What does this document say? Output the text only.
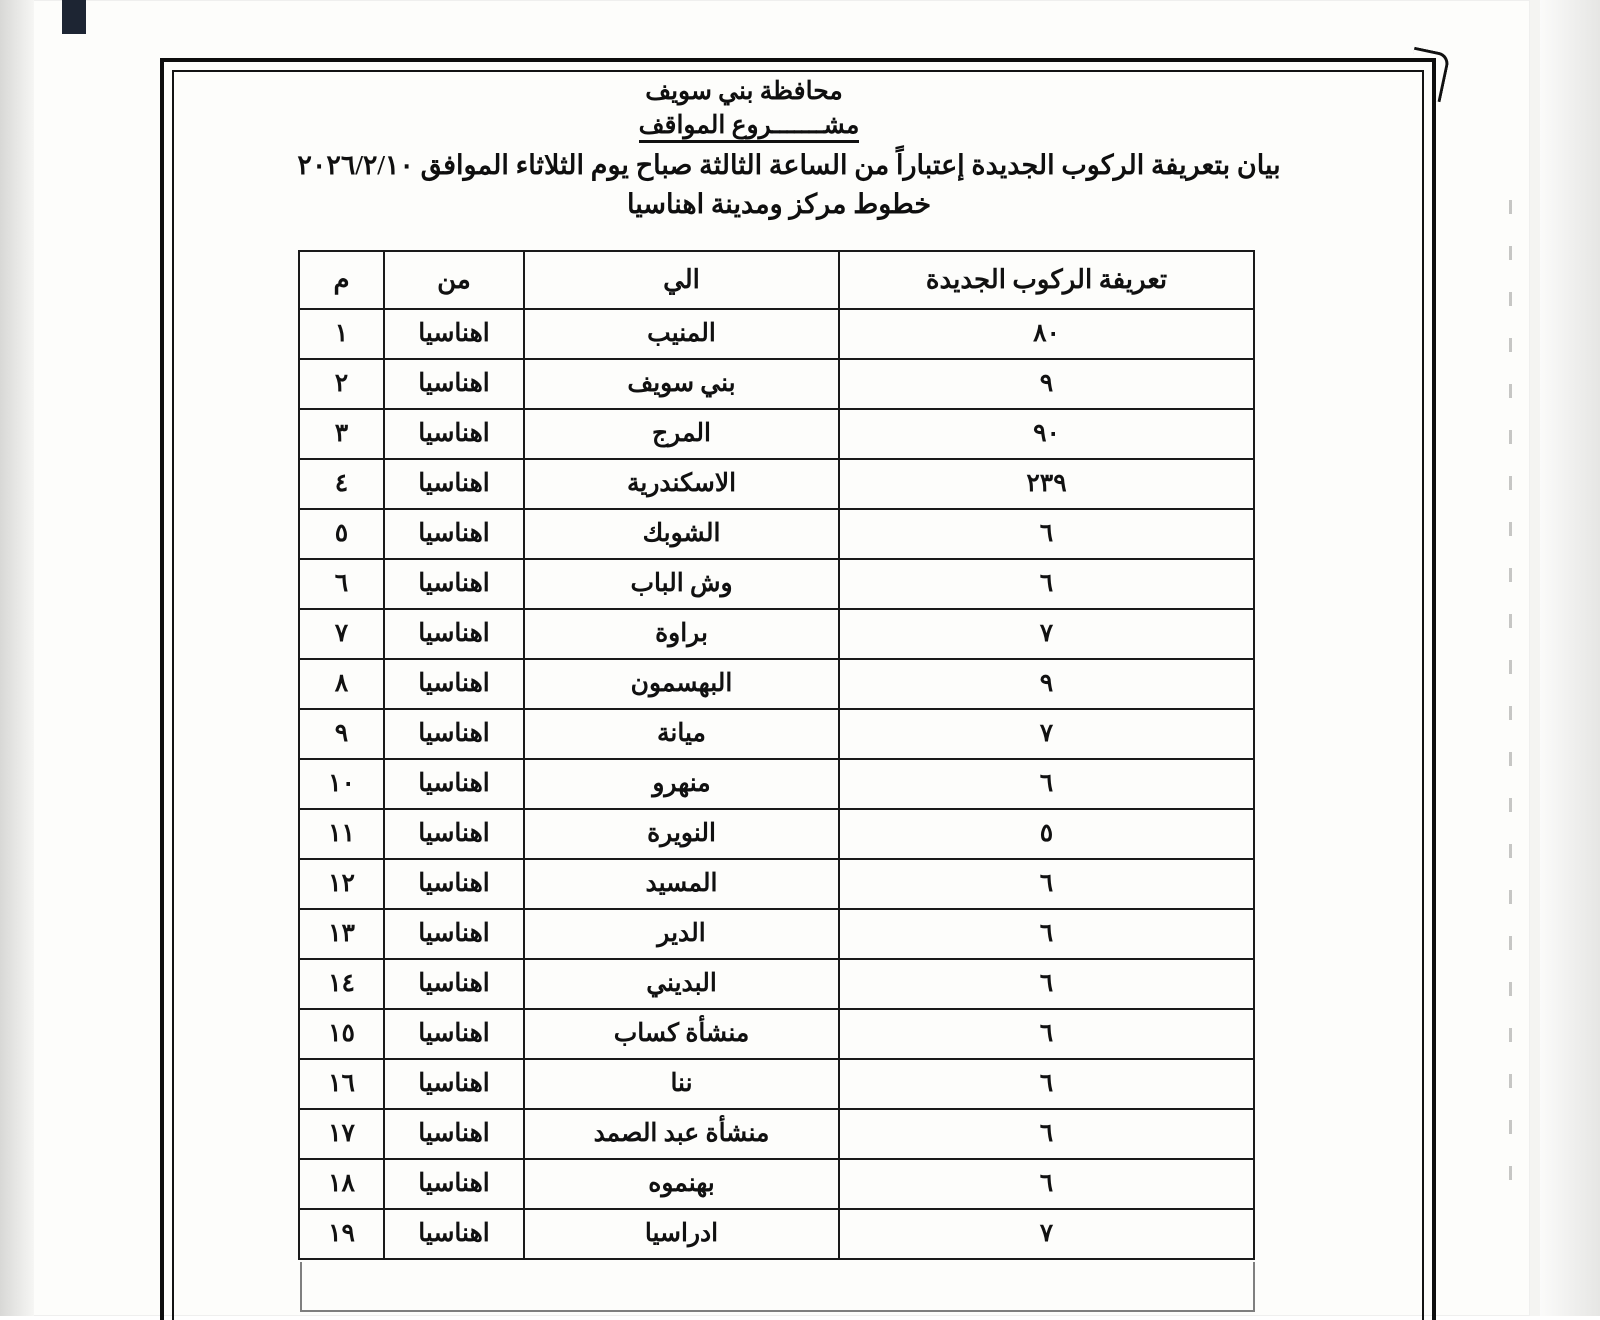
محافظة بني سويف
مشـــــــروع المواقف
بيان بتعريفة الركوب الجديدة إعتباراً من الساعة الثالثة صباح يوم الثلاثاء الموافق ٢٠٢٦/٢/١٠
خطوط مركز ومدينة اهناسيا
تعريفة الركوب الجديدة	الي	من	م
٨٠	المنيب	اهناسيا	١
٩	بني سويف	اهناسيا	٢
٩٠	المرج	اهناسيا	٣
٢٣٩	الاسكندرية	اهناسيا	٤
٦	الشوبك	اهناسيا	٥
٦	وش الباب	اهناسيا	٦
٧	براوة	اهناسيا	٧
٩	البهسمون	اهناسيا	٨
٧	ميانة	اهناسيا	٩
٦	منهرو	اهناسيا	١٠
٥	النويرة	اهناسيا	١١
٦	المسيد	اهناسيا	١٢
٦	الدير	اهناسيا	١٣
٦	البديني	اهناسيا	١٤
٦	منشأة كساب	اهناسيا	١٥
٦	ننا	اهناسيا	١٦
٦	منشأة عبد الصمد	اهناسيا	١٧
٦	بهنموه	اهناسيا	١٨
٧	ادراسيا	اهناسيا	١٩
